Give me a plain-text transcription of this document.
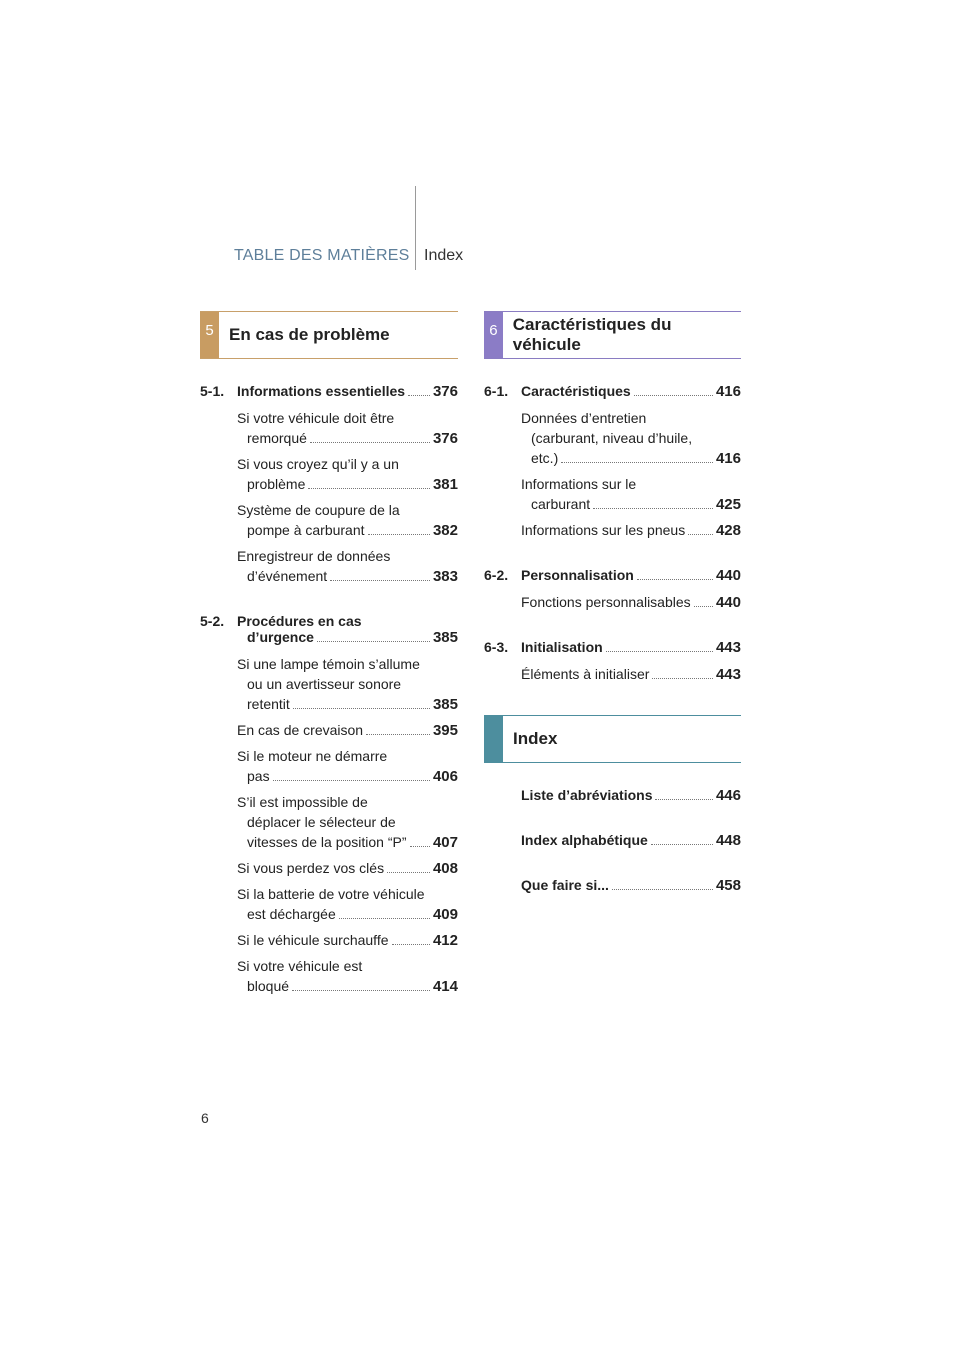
TABLE DES MATIÈRES Index
5 En cas de problème
5-1. Informations essentielles 376
Si votre véhicule doit être
remorqué	376
Si vous croyez qu’il y a un
problème	381
Système de coupure de la
pompe à carburant	382
Enregistreur de données
d’événement	383
5-2. Procédures en cas
d’urgence	385
Si une lampe témoin s’allume
ou un avertisseur sonore
retentit	385
En cas de crevaison	395
Si le moteur ne démarre
pas	406
S’il est impossible de
déplacer le sélecteur de
vitesses de la position “P” 407
Si vous perdez vos clés	408
Si la batterie de votre véhicule
est déchargée	409
Si le véhicule surchauffe	412
Si votre véhicule est
bloqué	414
6 Caractéristiques du véhicule
6-1. Caractéristiques	416
Données d’entretien
(carburant, niveau d’huile,
etc.)	416
Informations sur le
carburant	425
Informations sur les pneus 428
6-2. Personnalisation	440
Fonctions personnalisables 440
6-3. Initialisation	443
Éléments à initialiser	443
Index
Liste d’abréviations	446
Index alphabétique	448
Que faire si...	458
6
